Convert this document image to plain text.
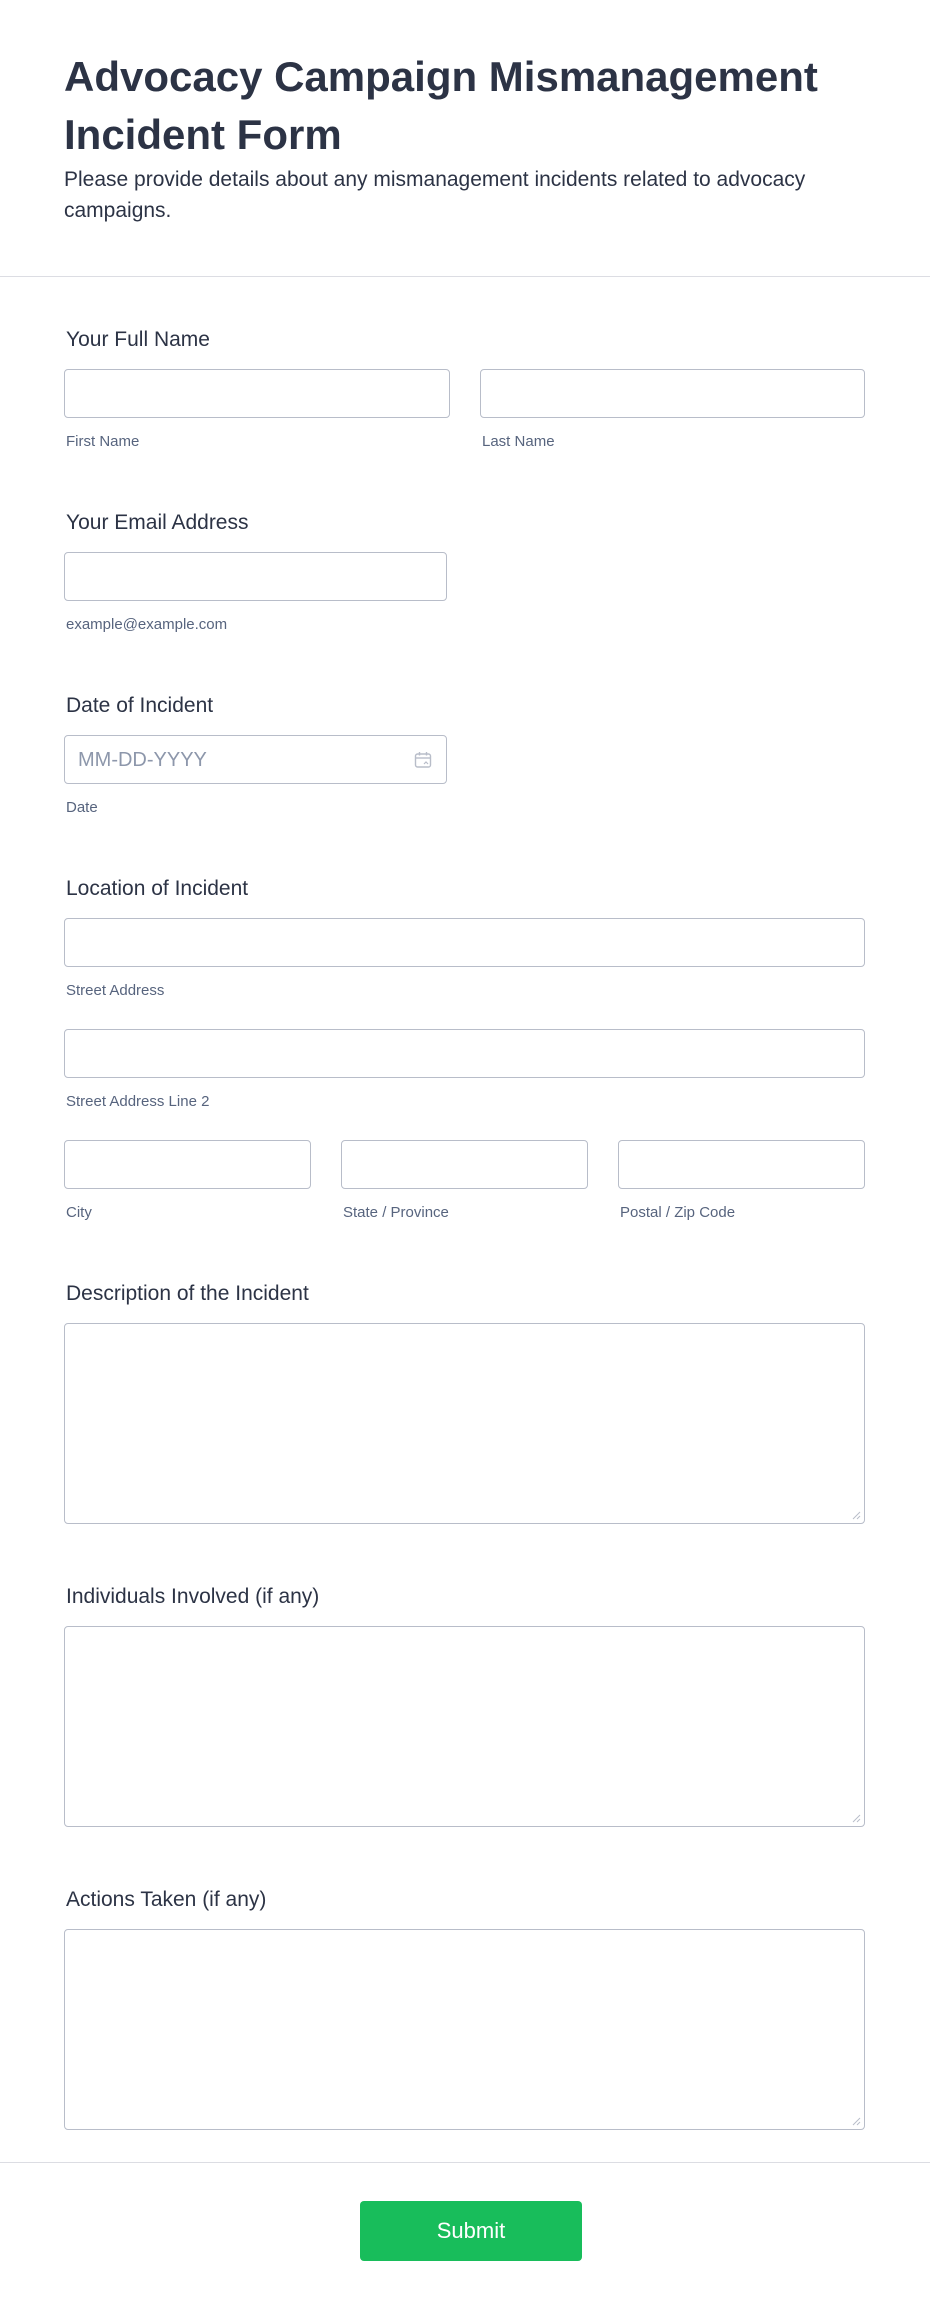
Advocacy Campaign Mismanagement Incident Form

Please provide details about any mismanagement incidents related to advocacy campaigns.

Your Full Name
First Name	Last Name
Your Email Address
example@example.com
Date of Incident
MM-DD-YYYY
Date
Location of Incident
Street Address
Street Address Line 2
City	State / Province	Postal / Zip Code
Description of the Incident
Individuals Involved (if any)
Actions Taken (if any)
Submit
